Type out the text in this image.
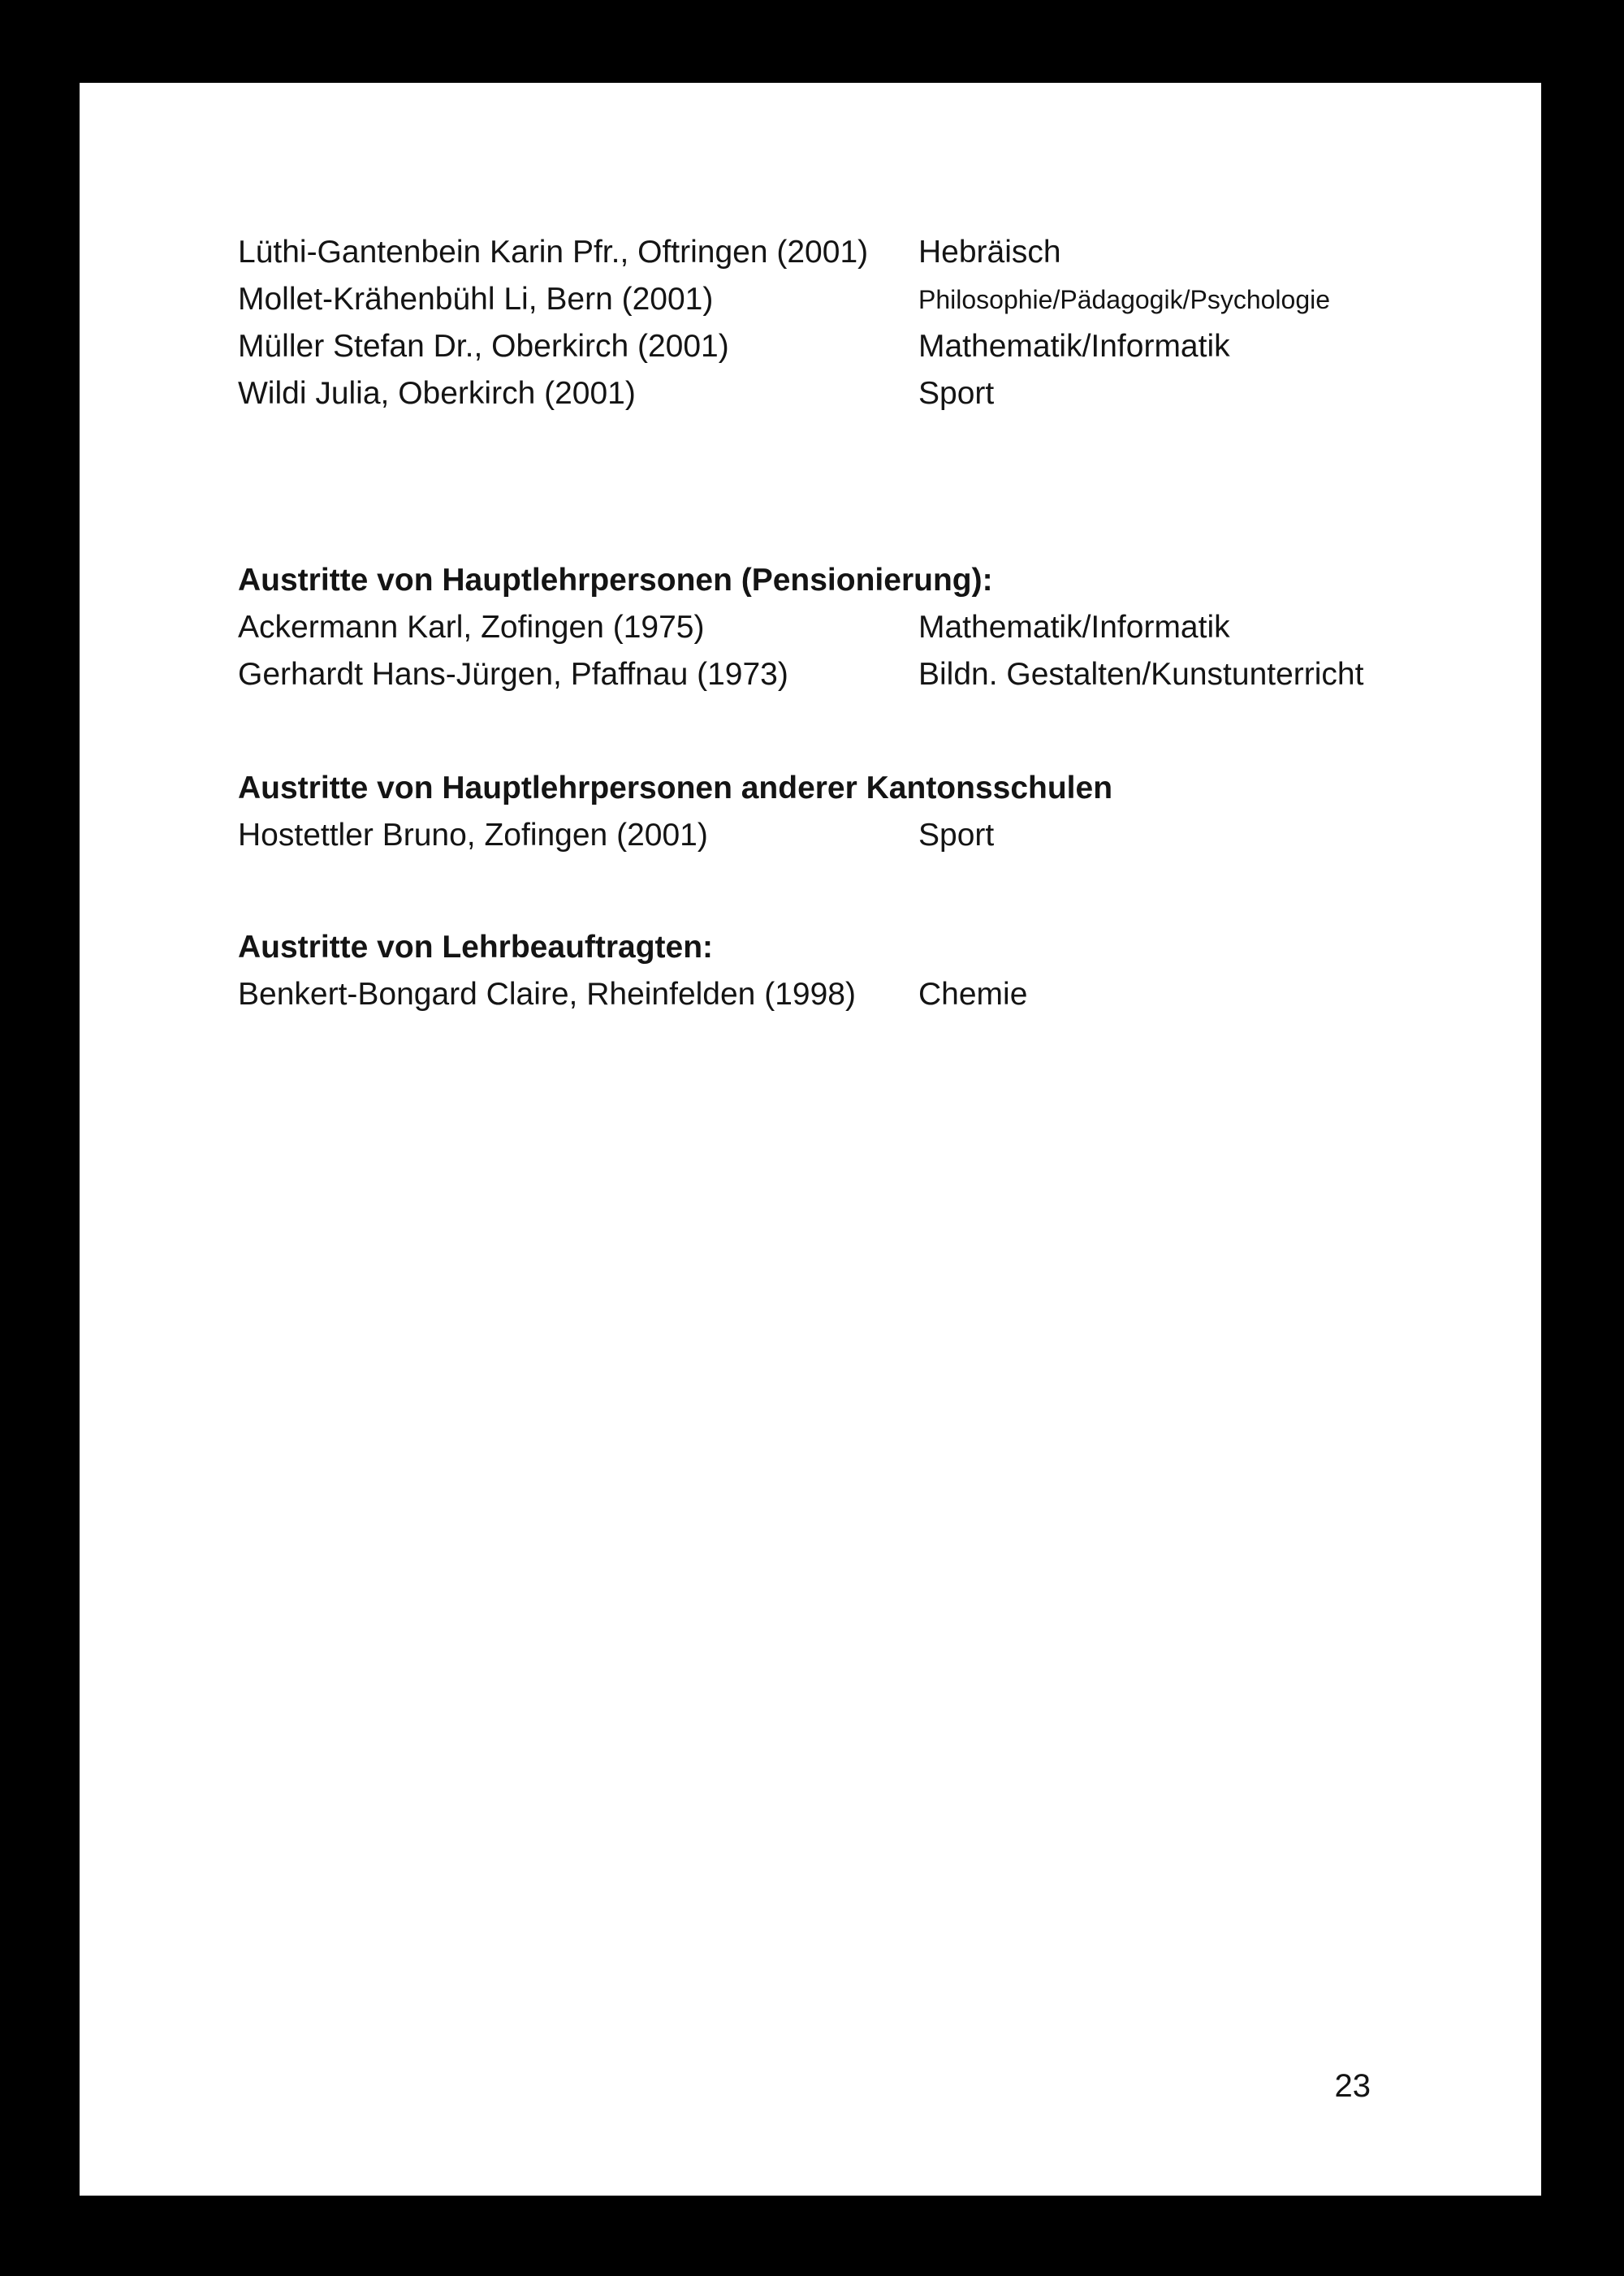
Lüthi-Gantenbein Karin Pfr., Oftringen (2001) Hebräisch
Mollet-Krähenbühl Li, Bern (2001)	Philosophie/Pädagogik/Psychologie
Müller Stefan Dr., Oberkirch (2001)	Mathematik/Informatik
Wildi Julia, Oberkirch (2001)	Sport
Austritte von Hauptlehrpersonen (Pensionierung):
Ackermann Karl, Zofingen (1975)	Mathematik/Informatik
Gerhardt Hans-Jürgen, Pfaffnau (1973)	Bildn. Gestalten/Kunstunterricht
Austritte von Hauptlehrpersonen anderer Kantonsschulen
Hostettler Bruno, Zofingen (2001)	Sport
Austritte von Lehrbeauftragten:
Benkert-Bongard Claire, Rheinfelden (1998) Chemie
23
